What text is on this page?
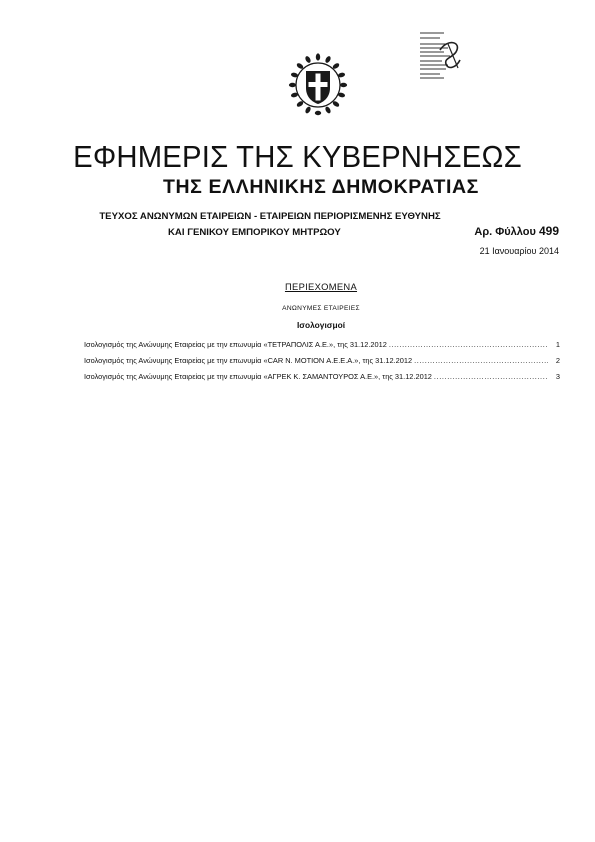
ΕΦΗΜΕΡΙΣ ΤΗΣ ΚΥΒΕΡΝΗΣΕΩΣ
ΤΗΣ ΕΛΛΗΝΙΚΗΣ ΔΗΜΟΚΡΑΤΙΑΣ
ΤΕΥΧΟΣ ΑΝΩΝΥΜΩΝ ΕΤΑΙΡΕΙΩΝ - ΕΤΑΙΡΕΙΩΝ ΠΕΡΙΟΡΙΣΜΕΝΗΣ ΕΥΘΥΝΗΣ
ΚΑΙ ΓΕΝΙΚΟΥ ΕΜΠΟΡΙΚΟΥ ΜΗΤΡΩΟΥ	Αρ. Φύλλου 499
21 Ιανουαρίου 2014
ΠΕΡΙΕΧΟΜΕΝΑ
ΑΝΩΝΥΜΕΣ ΕΤΑΙΡΕΙΕΣ
Ισολογισμοί
Ισολογισμός της Ανώνυμης Εταιρείας με την επωνυμία «ΤΕΤΡΑΠΟΛΙΣ Α.Ε.», της 31.12.2012 .....	1
Ισολογισμός της Ανώνυμης Εταιρείας με την επωνυμία «CAR N. MOTION Α.Ε.Ε.Α.», της 31.12.2012 .....	2
Ισολογισμός της Ανώνυμης Εταιρείας με την επωνυμία «ΑΓΡΕΚ Κ. ΣΑΜΑΝΤΟΥΡΟΣ Α.Ε.», της 31.12.2012 .....	3
